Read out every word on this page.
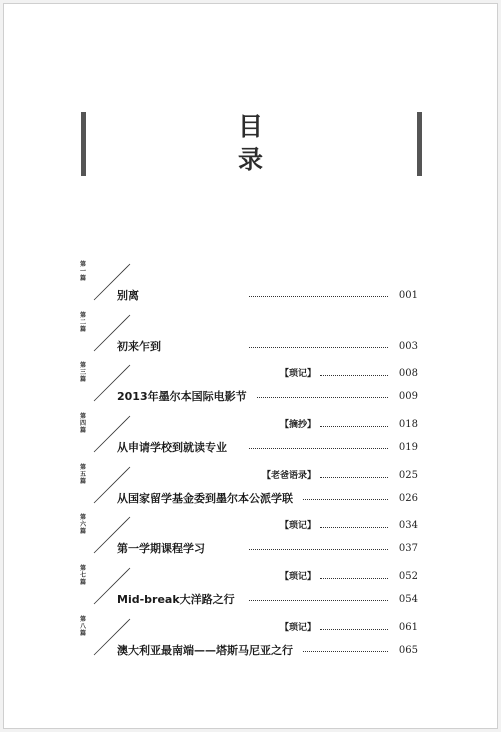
目
录
第
一
篇
别离	001
第
二
篇
初来乍到	003
第
三
篇
【琐记】	008
2013年墨尔本国际电影节	009
第
四
篇
【摘抄】	018
从申请学校到就读专业	019
第
五
篇
【老爸语录】	025
从国家留学基金委到墨尔本公派学联	026
第
六
篇
【琐记】	034
第一学期课程学习	037
第
七
篇
【琐记】	052
Mid-break大洋路之行	054
第
八
篇
【琐记】	061
澳大利亚最南端——塔斯马尼亚之行	065
